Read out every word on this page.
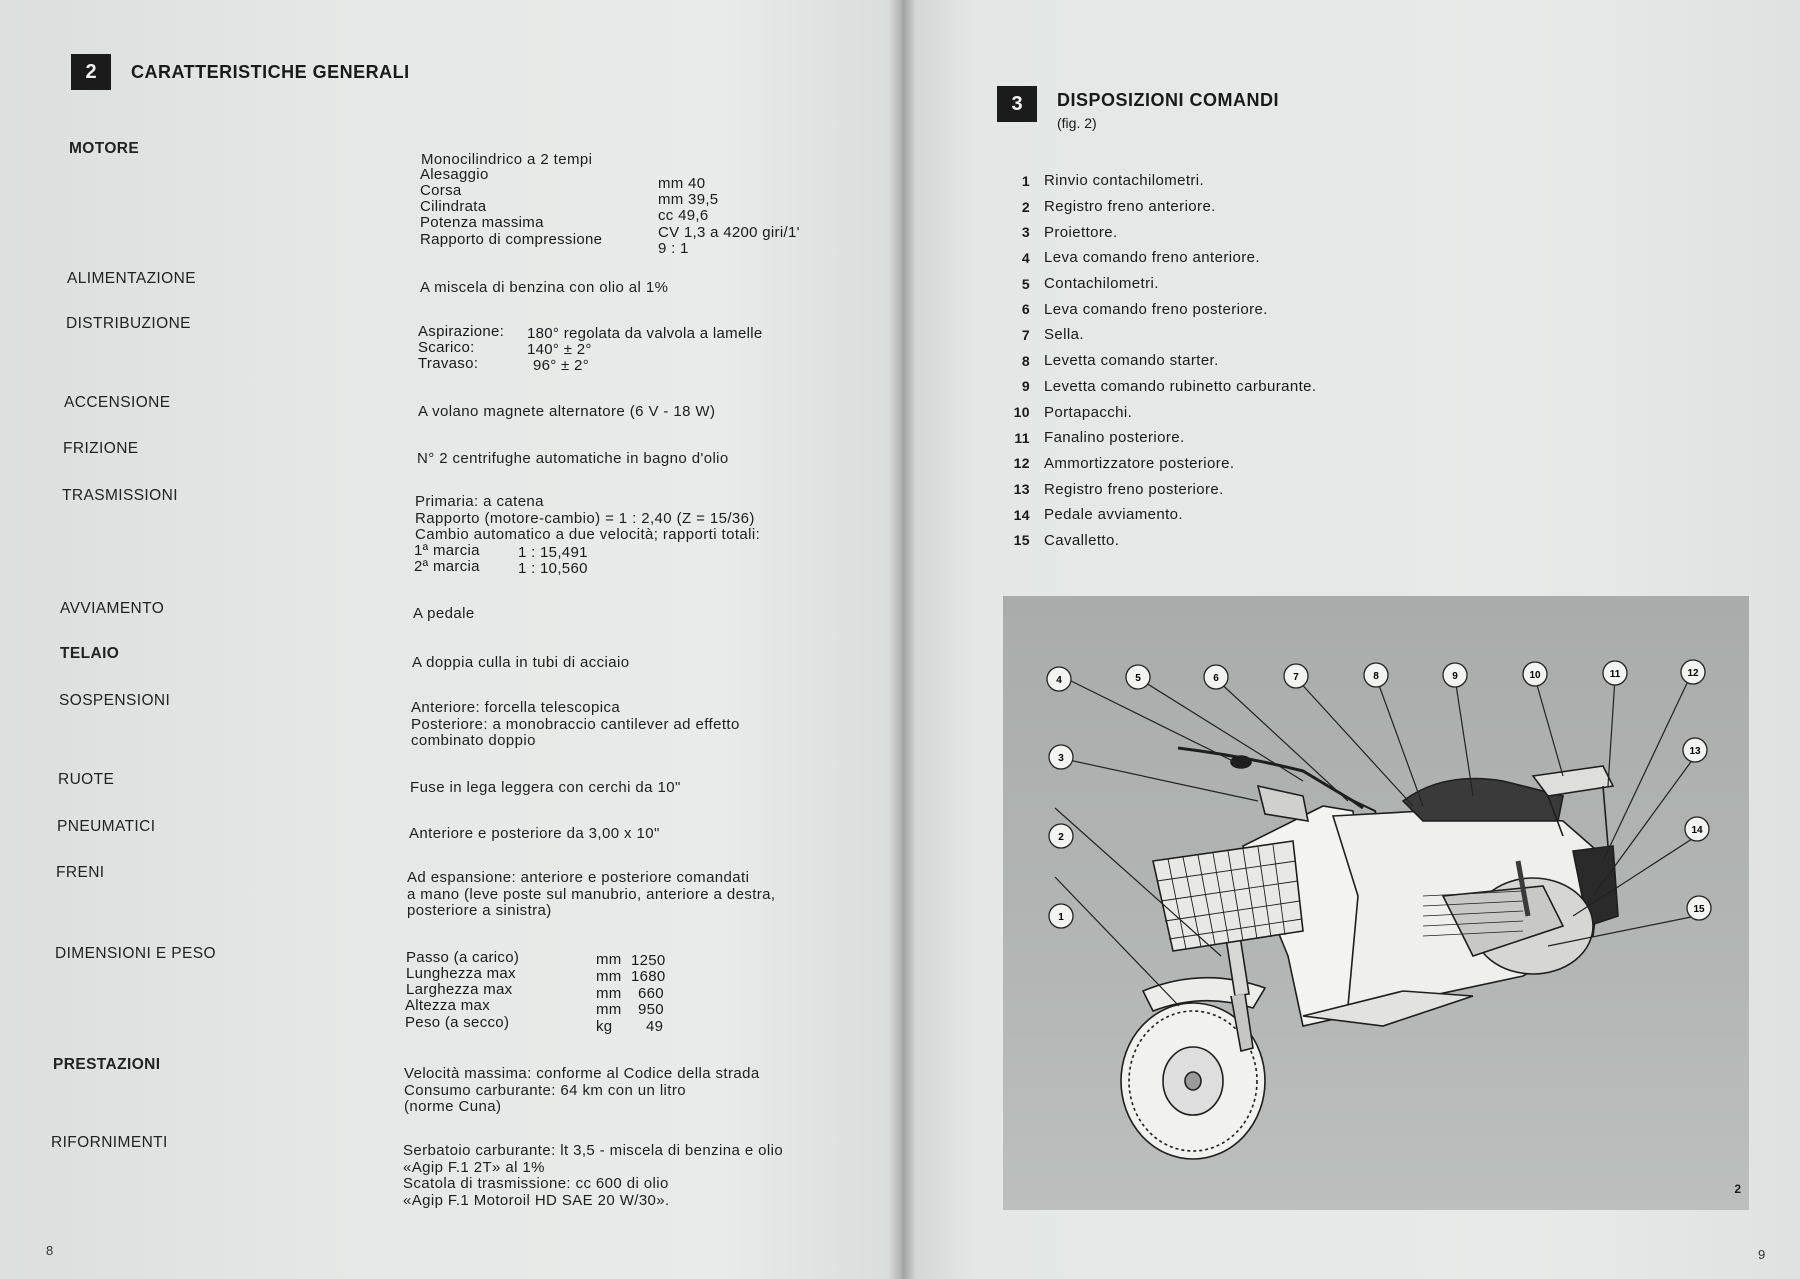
2	CARATTERISTICHE GENERALI
MOTORE
Monocilindrico a 2 tempi
Alesaggio
mm 40
Corsa
mm 39,5
Cilindrata
cc 49,6
Potenza massima
CV 1,3 a 4200 giri/1'
Rapporto di compressione
9 : 1
ALIMENTAZIONE
A miscela di benzina con olio al 1%
DISTRIBUZIONE	Aspirazione: 180° regolata da valvola a lamelle
Scarico:	140° ± 2°
Travaso:	96° ± 2°
ACCENSIONE
A volano magnete alternatore (6 V - 18 W)
FRIZIONE
N° 2 centrifughe automatiche in bagno d'olio
TRASMISSIONI	Primaria: a catena
Rapporto (motore-cambio) = 1 : 2,40 (Z = 15/36)
Cambio automatico a due velocità; rapporti totali:
1ª marcia	1 : 15,491
2ª marcia	1 : 10,560
AVVIAMENTO	A pedale
TELAIO
A doppia culla in tubi di acciaio
SOSPENSIONI	Anteriore: forcella telescopica
Posteriore: a monobraccio cantilever ad effetto
combinato doppio
RUOTE	Fuse in lega leggera con cerchi da 10"
PNEUMATICI	Anteriore e posteriore da 3,00 x 10"
FRENI	Ad espansione: anteriore e posteriore comandati
a mano (leve poste sul manubrio, anteriore a destra,
posteriore a sinistra)
DIMENSIONI E PESO	Passo (a carico)	mm 1250
Lunghezza max	mm 1680
Larghezza max	mm 660
Altezza max	mm 950
Peso (a secco)	kg 49
PRESTAZIONI
Velocità massima: conforme al Codice della strada
Consumo carburante: 64 km con un litro
(norme Cuna)
RIFORNIMENTI	Serbatoio carburante: lt 3,5 - miscela di benzina e olio
«Agip F.1 2T» al 1%
Scatola di trasmissione: cc 600 di olio
«Agip F.1 Motoroil HD SAE 20 W/30».
8
3	DISPOSIZIONI COMANDI
(fig. 2)
9
1 Rinvio contachilometri.
2 Registro freno anteriore.
3 Proiettore.
4 Leva comando freno anteriore.
5 Contachilometri.
6 Leva comando freno posteriore.
7 Sella.
8 Levetta comando starter.
9 Levetta comando rubinetto carburante.
10 Portapacchi.
11 Fanalino posteriore.
12 Ammortizzatore posteriore.
13 Registro freno posteriore.
14 Pedale avviamento.
15 Cavalletto.
1
2
3
4	5	6	7	8	9	10	11	12
13
14
15
2
